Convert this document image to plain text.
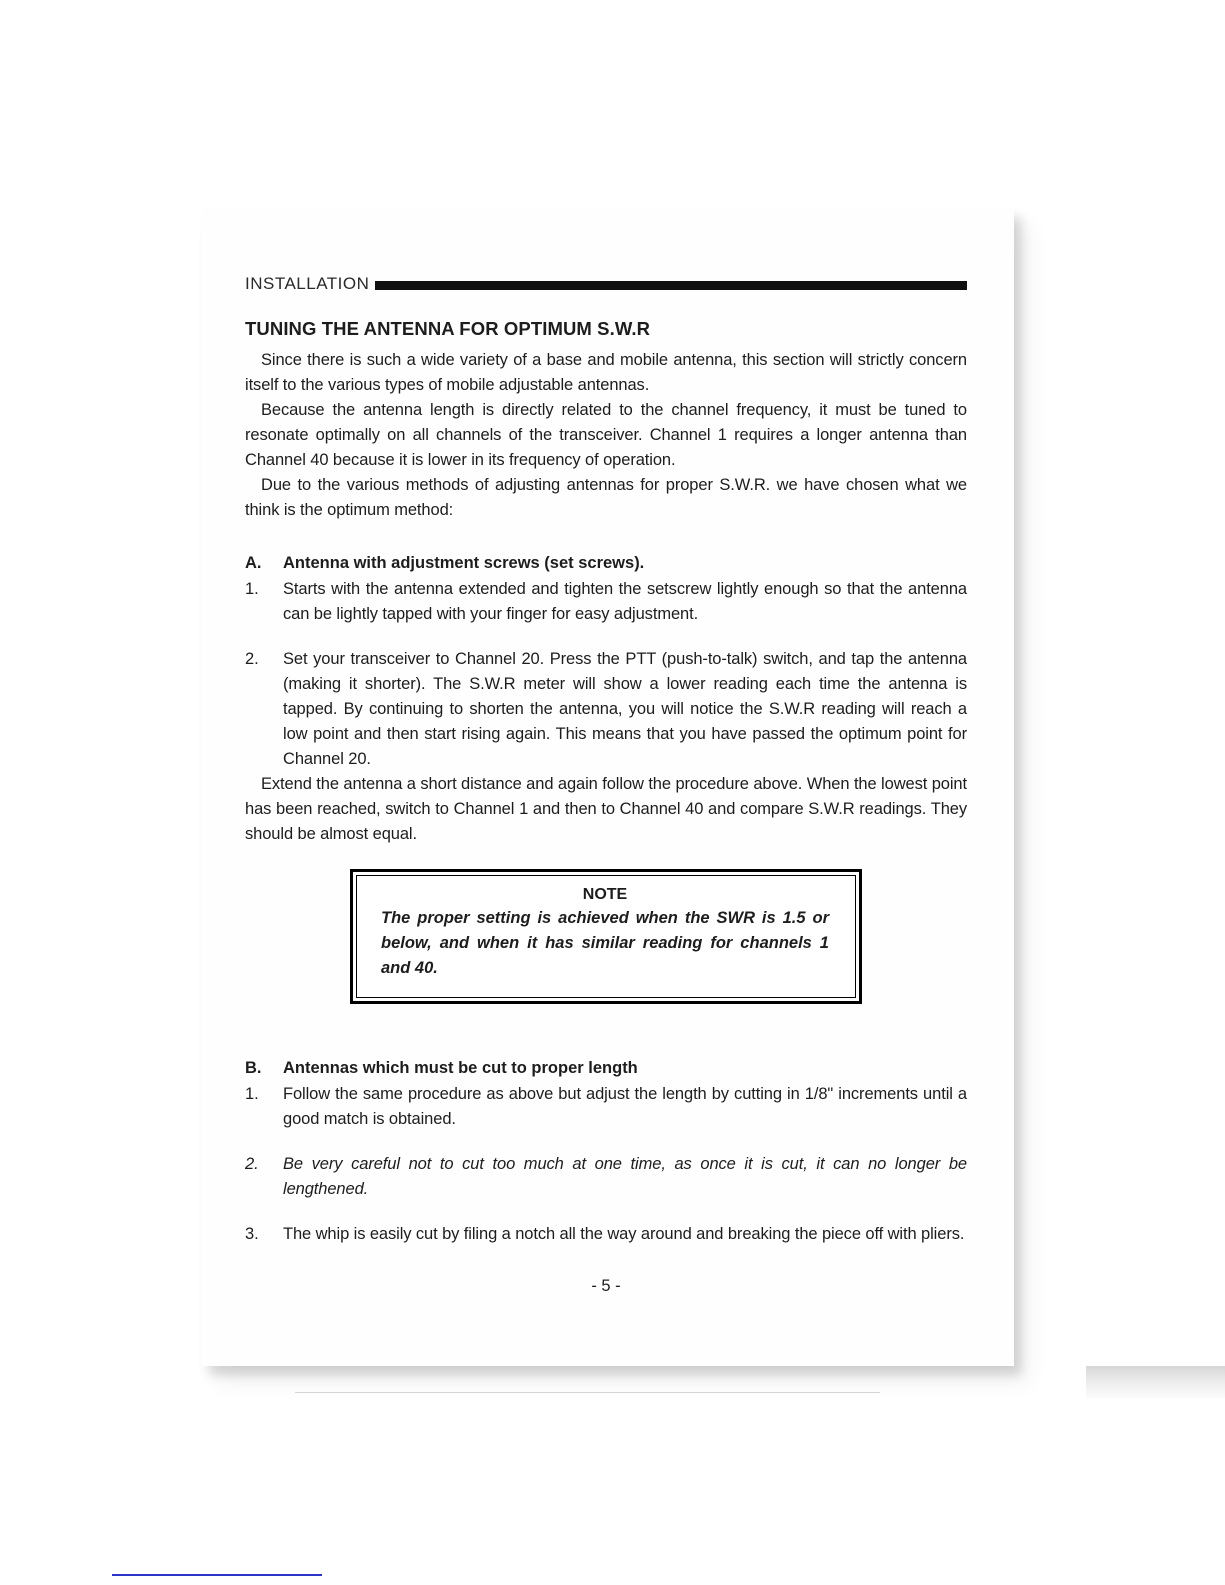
INSTALLATION
TUNING THE ANTENNA FOR OPTIMUM S.W.R

Since there is such a wide variety of a base and mobile antenna, this section will strictly concern itself to the various types of mobile adjustable antennas.

Because the antenna length is directly related to the channel frequency, it must be tuned to resonate optimally on all channels of the transceiver. Channel 1 requires a longer antenna than Channel 40 because it is lower in its frequency of operation.

Due to the various methods of adjusting antennas for proper S.W.R. we have chosen what we think is the optimum method:

A.	Antenna with adjustment screws (set screws).
1.	Starts with the antenna extended and tighten the setscrew lightly enough so that the antenna can be lightly tapped with your finger for easy adjustment.
2.	Set your transceiver to Channel 20. Press the PTT (push-to-talk) switch, and tap the antenna (making it shorter). The S.W.R meter will show a lower reading each time the antenna is tapped. By continuing to shorten the antenna, you will notice the S.W.R reading will reach a low point and then start rising again. This means that you have passed the optimum point for Channel 20.

Extend the antenna a short distance and again follow the procedure above. When the lowest point has been reached, switch to Channel 1 and then to Channel 40 and compare S.W.R readings. They should be almost equal.

NOTE
The proper setting is achieved when the SWR is 1.5 or below, and when it has similar reading for channels 1 and 40.
B.	Antennas which must be cut to proper length
1.	Follow the same procedure as above but adjust the length by cutting in 1/8" increments until a good match is obtained.
2.	Be very careful not to cut too much at one time, as once it is cut, it can no longer be lengthened.
3.	The whip is easily cut by filing a notch all the way around and breaking the piece off with pliers.
- 5 -
